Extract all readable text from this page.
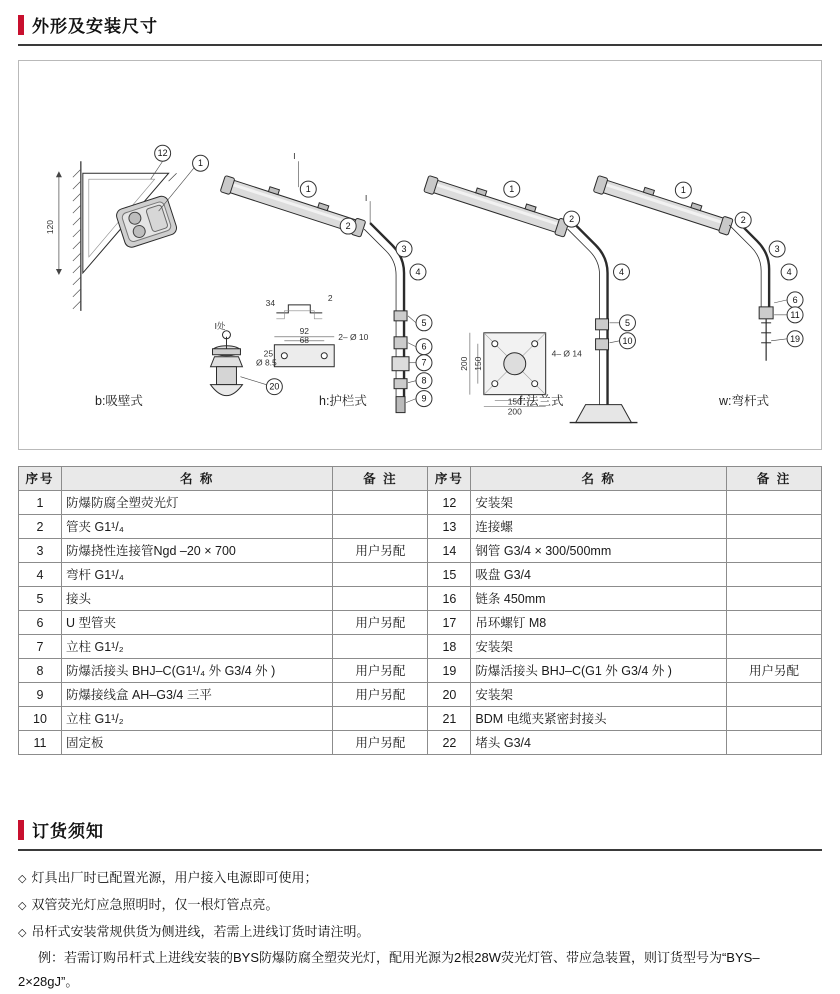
外形及安装尺寸
12
1
20
1
2
3
4
5
6
7
8
9
1
2
4
5
10
1
2
3
4
6
11
19
120
92
68
34	2
25
Ø 8.5
2– Ø 10
200 150
150
200
4– Ø 14
Ⅰ
Ⅰ
Ⅰ处
b:吸壁式	h:护栏式	f:法兰式	w:弯杆式
序号	名 称	备 注	序号	名 称	备 注
1	防爆防腐全塑荧光灯		12	安装架	
2	管夹 G1¹/₄		13	连接螺	
3	防爆挠性连接管Ngd –20 × 700	用户另配	14	钢管 G3/4 × 300/500mm	
4	弯杆 G1¹/₄		15	吸盘 G3/4	
5	接头		16	链条 450mm	
6	U 型管夹	用户另配	17	吊环螺钉 M8	
7	立柱 G1¹/₂		18	安装架	
8	防爆活接头 BHJ–C(G1¹/₄ 外 G3/4 外 )	用户另配	19	防爆活接头 BHJ–C(G1 外 G3/4 外 )	用户另配
9	防爆接线盒 AH–G3/4 三平	用户另配	20	安装架	
10	立柱 G1¹/₂		21	BDM 电缆夹紧密封接头	
11	固定板	用户另配	22	堵头 G3/4	
订货须知
◇ 灯具出厂时已配置光源，用户接入电源即可使用；
◇ 双管荧光灯应急照明时，仅一根灯管点亮。
◇ 吊杆式安装常规供货为侧进线，若需上进线订货时请注明。
例：若需订购吊杆式上进线安装的BYS防爆防腐全塑荧光灯，配用光源为2根28W荧光灯管、带应急装置，则订货型号为“BYS–
2×28gJ”。
